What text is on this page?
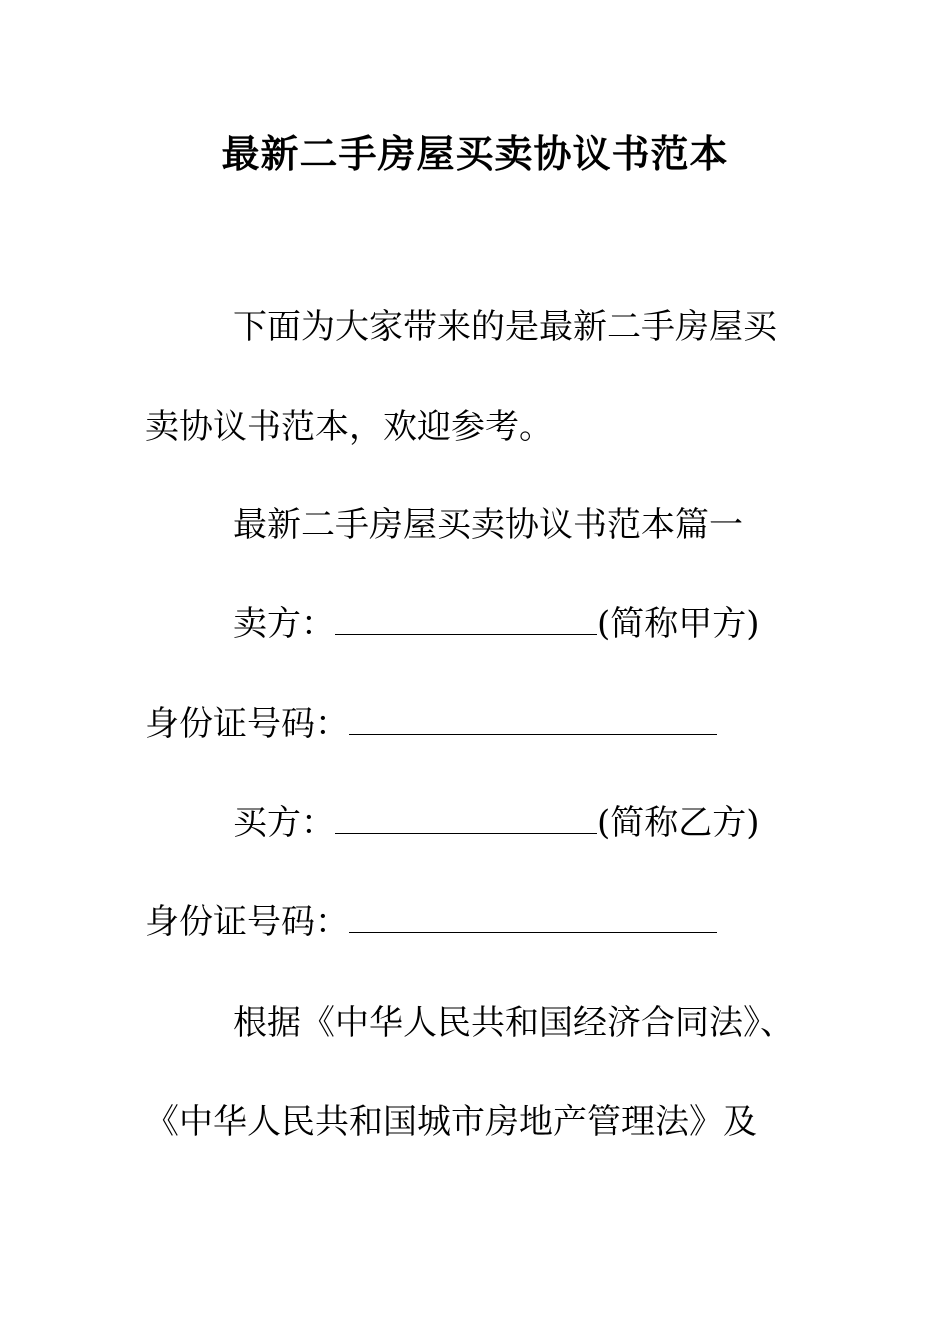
最新二手房屋买卖协议书范本
下面为大家带来的是最新二手房屋买
卖协议书范本，欢迎参考。
最新二手房屋买卖协议书范本篇一
卖方：	(简称甲方)
身份证号码：
买方：	(简称乙方)
身份证号码：
根据《中华人民共和国经济合同法》、
《中华人民共和国城市房地产管理法》及
